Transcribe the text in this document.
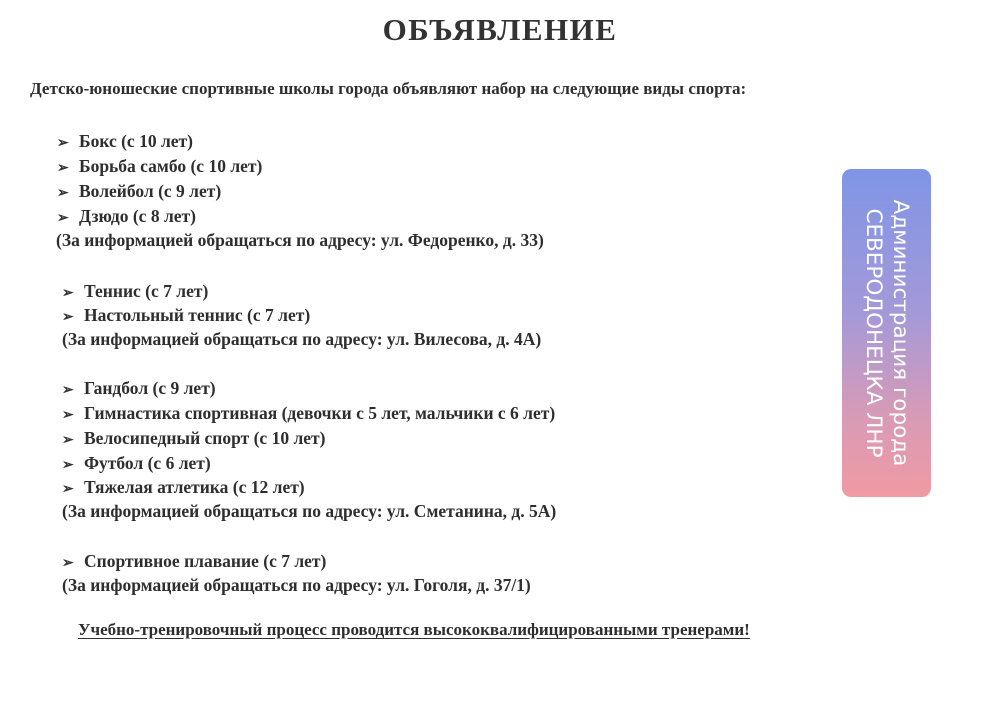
ОБЪЯВЛЕНИЕ
Детско-юношеские спортивные школы города объявляют набор на следующие виды спорта:
➢ Бокс (с 10 лет)
➢ Борьба самбо (с 10 лет)
➢ Волейбол (с 9 лет)
➢ Дзюдо (с 8 лет)
(За информацией обращаться по адресу: ул. Федоренко, д. 33)
➢ Теннис (с 7 лет)
➢ Настольный теннис (с 7 лет)
(За информацией обращаться по адресу: ул. Вилесова, д. 4А)
➢ Гандбол (с 9 лет)
➢ Гимнастика спортивная (девочки с 5 лет, мальчики с 6 лет)
➢ Велосипедный спорт (с 10 лет)
➢ Футбол (с 6 лет)
➢ Тяжелая атлетика (с 12 лет)
(За информацией обращаться по адресу: ул. Сметанина, д. 5А)
➢ Спортивное плавание (с 7 лет)
(За информацией обращаться по адресу: ул. Гоголя, д. 37/1)
Учебно-тренировочный процесс проводится высококвалифицированными тренерами!
Администрация города
СЕВЕРОДОНЕЦКА ЛНР
